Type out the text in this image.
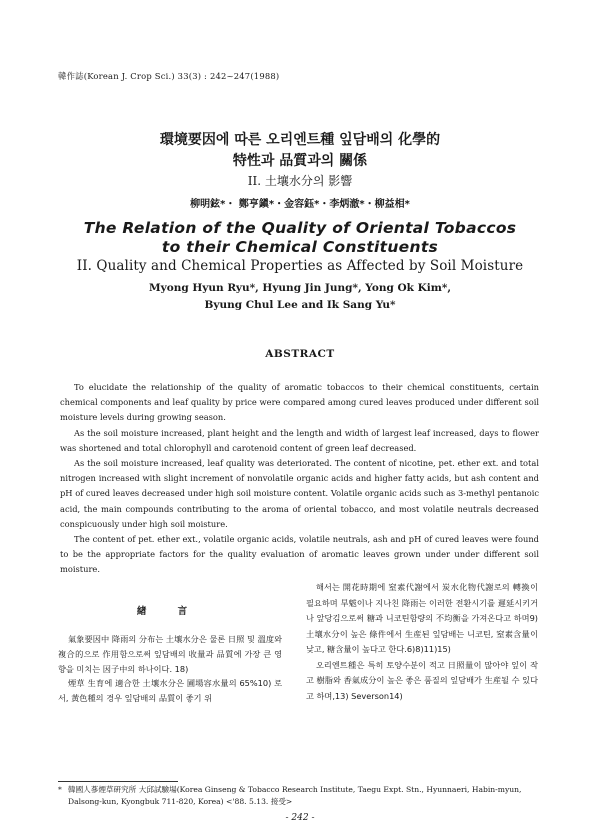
韓作誌(Korean J. Crop Sci.) 33(3) : 242~247(1988)
環境要因에 따른 오리엔트種 잎담배의 化學的
特性과 品質과의 關係
II. 土壤水分의 影響
柳明鉉*・ 鄭亨鎭*・金容鈺*・李炳澈*・柳益相*
The Relation of the Quality of Oriental Tobaccos
to their Chemical Constituents
II. Quality and Chemical Properties as Affected by Soil Moisture
Myong Hyun Ryu*, Hyung Jin Jung*, Yong Ok Kim*,
Byung Chul Lee and Ik Sang Yu*
ABSTRACT

To elucidate the relationship of the quality of aromatic tobaccos to their chemical constituents, certain chemical components and leaf quality by price were compared among cured leaves produced under different soil moisture levels during growing season.

As the soil moisture increased, plant height and the length and width of largest leaf increased, days to flower was shortened and total chlorophyll and carotenoid content of green leaf decreased.

As the soil moisture increased, leaf quality was deteriorated. The content of nicotine, pet. ether ext. and total nitrogen increased with slight increment of nonvolatile organic acids and higher fatty acids, but ash content and pH of cured leaves decreased under high soil moisture content. Volatile organic acids such as 3-methyl pentanoic acid, the main compounds contributing to the aroma of oriental tobacco, and most volatile neutrals decreased conspicuously under high soil moisture.

The content of pet. ether ext., volatile organic acids, volatile neutrals, ash and pH of cured leaves were found to be the appropriate factors for the quality evaluation of aromatic leaves grown under under different soil moisture.

緖 言

氣象要因中 降雨의 分布는 土壤水分은 물론 日照 및 溫度와 複合的으로 作用함으로써 잎담배의 收量과 品質에 가장 큰 영향을 미치는 因子中의 하나이다. 18)

煙草 生育에 適合한 土壤水分은 圃場容水量의 65%10) 로서, 黃色種의 경우 잎담배의 品質이 좋기 위

해서는 開花時期에 窒素代謝에서 炭水化物代謝로의 轉換이 필요하며 旱魃이나 지나친 降雨는 이러한 전환시기를 遲延시키거나 앞당김으로써 糖과 니코틴함량의 不均衡을 가져온다고 하며9) 土壤水分이 높은 條件에서 生産된 잎담배는 니코틴, 窒素含量이 낮고, 糖含量이 높다고 한다.6)8)11)15)

오리엔트種은 특히 토양수분이 적고 日照量이 많아야 잎이 작고 樹脂와 香氣成分이 높은 좋은 품질의 잎담배가 生産될 수 있다고 하며,13) Severson14)

* 韓國人蔘煙草硏究所 大邱試驗場(Korea Ginseng & Tobacco Research Institute, Taegu Expt. Stn., Hyunnaeri, Habin-myun, Dalsong-kun, Kyongbuk 711-820, Korea) <'88. 5.13. 接受>
- 242 -
